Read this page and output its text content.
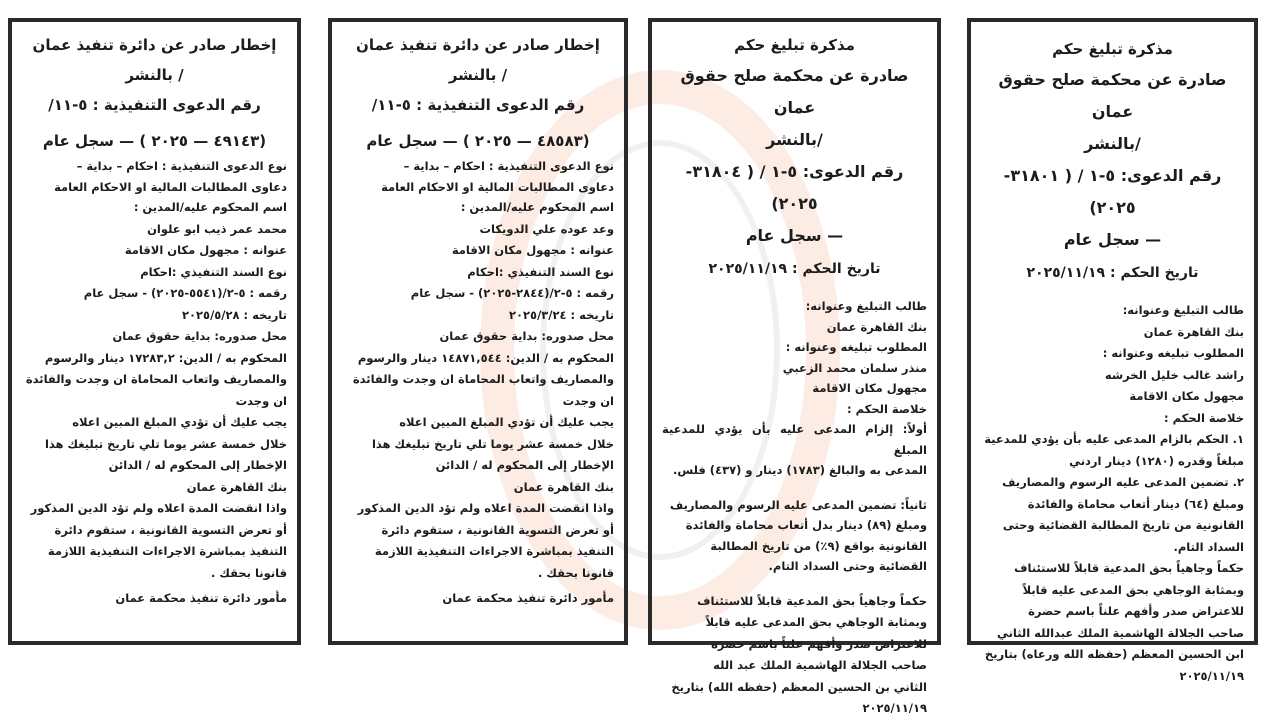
إخطار صادر عن دائرة تنفيذ عمان

/ بالنشر

رقم الدعوى التنفيذية : ٥-١١/

(٤٩١٤٣ — ٢٠٢٥ ) — سجل عام

نوع الدعوى التنفيذية : احكام – بداية –

دعاوى المطالبات المالية او الاحكام العامة

اسم المحكوم عليه/المدين :

محمد عمر ذيب ابو علوان

عنوانه : مجهول مكان الاقامة

نوع السند التنفيذي :احكام

رقمه : ٥-٢/(٥٥٤١-٢٠٢٥) - سجل عام

تاريخه : ٢٠٢٥/٥/٢٨

محل صدوره: بداية حقوق عمان

المحكوم به / الدين: ١٧٢٨٣,٢ دينار والرسوم

والمصاريف واتعاب المحاماة ان وجدت والفائدة

ان وجدت

يجب عليك أن تؤدي المبلغ المبين اعلاه

خلال خمسة عشر يوما تلي تاريخ تبليغك هذا

الإخطار إلى المحكوم له / الدائن

بنك القاهرة عمان

واذا انقضت المدة اعلاه ولم تؤد الدين المذكور

أو تعرض التسوية القانونية ، ستقوم دائرة

التنفيذ بمباشرة الاجراءات التنفيذية اللازمة

قانونا بحقك .

مأمور دائرة تنفيذ محكمة عمان

إخطار صادر عن دائرة تنفيذ عمان

/ بالنشر

رقم الدعوى التنفيذية : ٥-١١/

(٤٨٥٨٣ — ٢٠٢٥ ) — سجل عام

نوع الدعوى التنفيذية : احكام – بداية –

دعاوى المطالبات المالية او الاحكام العامة

اسم المحكوم عليه/المدين :

وعد عوده علي الدويكات

عنوانه : مجهول مكان الاقامة

نوع السند التنفيذي :احكام

رقمه : ٥-٢/(٢٨٤٤-٢٠٢٥) - سجل عام

تاريخه : ٢٠٢٥/٣/٢٤

محل صدوره: بداية حقوق عمان

المحكوم به / الدين: ١٤٨٧١,٥٤٤ دينار والرسوم

والمصاريف واتعاب المحاماة ان وجدت والفائدة

ان وجدت

يجب عليك أن تؤدي المبلغ المبين اعلاه

خلال خمسة عشر يوما تلي تاريخ تبليغك هذا

الإخطار إلى المحكوم له / الدائن

بنك القاهرة عمان

واذا انقضت المدة اعلاه ولم تؤد الدين المذكور

أو تعرض التسوية القانونية ، ستقوم دائرة

التنفيذ بمباشرة الاجراءات التنفيذية اللازمة

قانونا بحقك .

مأمور دائرة تنفيذ محكمة عمان

مذكرة تبليغ حكم

صادرة عن محكمة صلح حقوق عمان

/بالنشر

رقم الدعوى: ٥-١ / ( ٣١٨٠٤- ٢٠٢٥)

— سجل عام

تاريخ الحكم : ٢٠٢٥/١١/١٩

طالب التبليغ وعنوانه:

بنك القاهرة عمان

المطلوب تبليغه وعنوانه :

منذر سلمان محمد الزعبي

مجهول مكان الاقامة

خلاصة الحكم :

أولاً: إلزام المدعى عليه بأن يؤدي للمدعية المبلغ

المدعى به والبالغ (١٧٨٣) دينار و (٤٣٧) فلس.

ثانياً: تضمين المدعى عليه الرسوم والمصاريف

ومبلغ (٨٩) دينار بدل أتعاب محاماة والفائدة

القانونية بواقع (٩٪) من تاريخ المطالبة

القضائية وحتى السداد التام.

حكماً وجاهياً بحق المدعية قابلاً للاستئناف

وبمثابة الوجاهي بحق المدعى عليه قابلاً

للاعتراض صدر وأفهم علناً باسم حضرة

صاحب الجلالة الهاشمية الملك عبد الله

الثاني بن الحسين المعظم (حفظه الله) بتاريخ

٢٠٢٥/١١/١٩

مذكرة تبليغ حكم

صادرة عن محكمة صلح حقوق عمان

/بالنشر

رقم الدعوى: ٥-١ / ( ٣١٨٠١- ٢٠٢٥)

— سجل عام

تاريخ الحكم : ٢٠٢٥/١١/١٩

طالب التبليغ وعنوانه:

بنك القاهرة عمان

المطلوب تبليغه وعنوانه :

راشد غالب خليل الخرشه

مجهول مكان الاقامة

خلاصة الحكم :

١. الحكم بالزام المدعى عليه بأن يؤدي للمدعية

مبلغاً وقدره (١٢٨٠) دينار اردني

٢. تضمين المدعى عليه الرسوم والمصاريف

ومبلغ (٦٤) دينار أتعاب محاماة والفائدة

القانونية من تاريخ المطالبة القضائية وحتى

السداد التام.

حكماً وجاهياً بحق المدعية قابلاً للاستئناف

وبمثابة الوجاهي بحق المدعى عليه قابلاً

للاعتراض صدر وأفهم علناً باسم حضرة

صاحب الجلالة الهاشمية الملك عبدالله الثاني

ابن الحسين المعظم (حفظه الله ورعاه) بتاريخ

٢٠٢٥/١١/١٩
